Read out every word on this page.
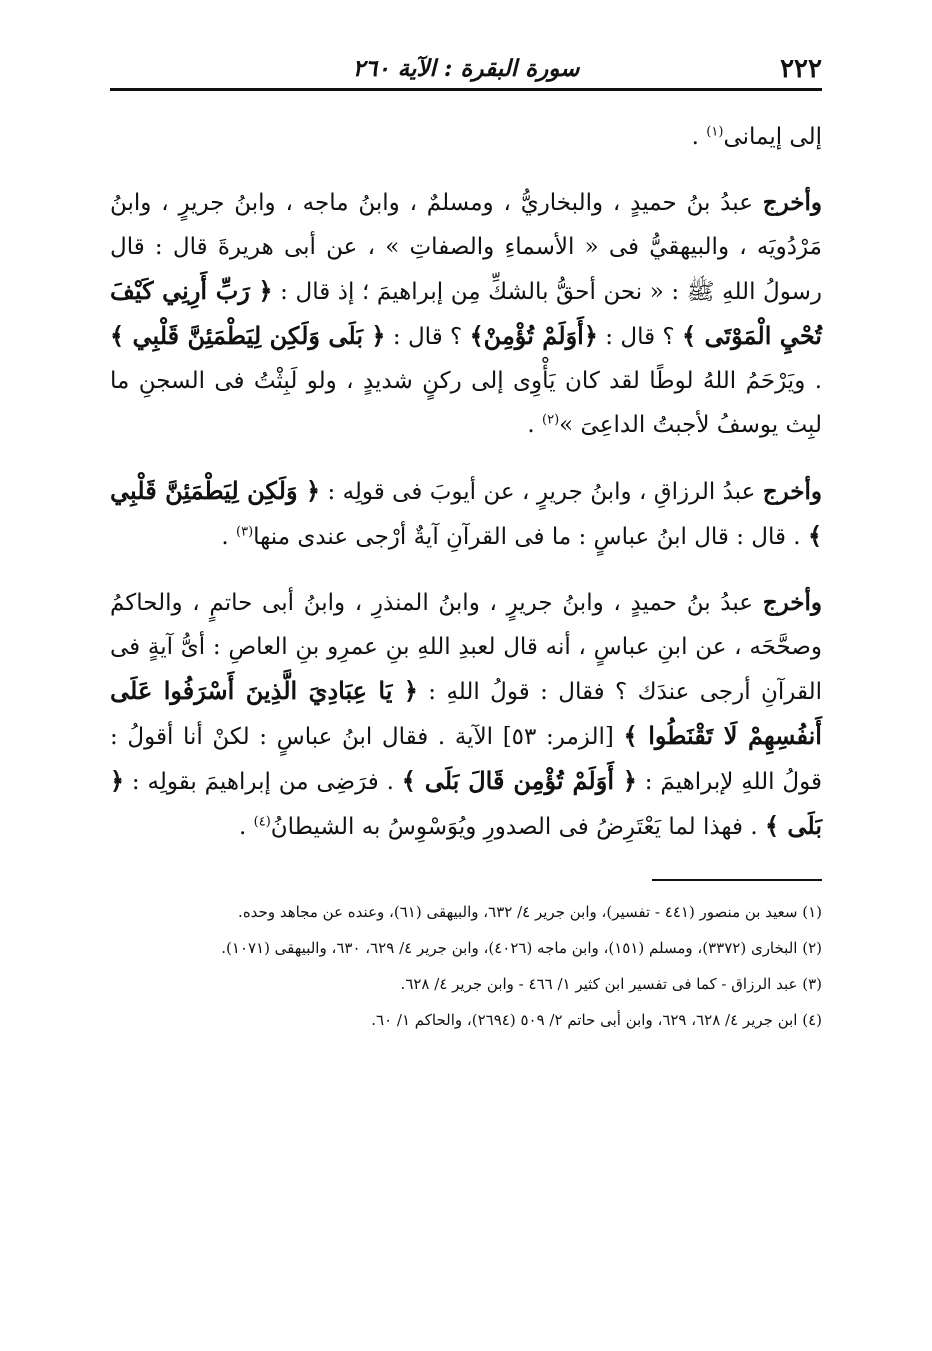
٢٢٢
سورة البقرة : الآية ٢٦٠

إلى إيمانى$^{(١)}$ .

وأخرج عبدُ بنُ حميدٍ ، والبخاريُّ ، ومسلمٌ ، وابنُ ماجه ، وابنُ جريرٍ ، وابنُ مَرْدُويَه ، والبيهقيُّ فى « الأسماءِ والصفاتِ » ، عن أبى هريرةَ قال : قال رسولُ اللهِ ﷺ : « نحن أحقُّ بالشكِّ مِن إبراهيمَ ؛ إذ قال : ﴿ رَبِّ أَرِنِي كَيْفَ تُحْيِ الْمَوْتَى ﴾ ؟ قال : ﴿أَوَلَمْ تُؤْمِنْ﴾ ؟ قال : ﴿ بَلَى وَلَكِن لِيَطْمَئِنَّ قَلْبِي ﴾ . ويَرْحَمُ اللهُ لوطًا لقد كان يَأْوِى إلى ركنٍ شديدٍ ، ولو لَبِثْتُ فى السجنِ ما لبِث يوسفُ لأجبتُ الداعِىَ »$^{(٢)}$ .

وأخرج عبدُ الرزاقِ ، وابنُ جريرٍ ، عن أيوبَ فى قولِه : ﴿ وَلَكِن لِيَطْمَئِنَّ قَلْبِي ﴾ . قال : قال ابنُ عباسٍ : ما فى القرآنِ آيةٌ أرْجى عندى منها$^{(٣)}$ .

وأخرج عبدُ بنُ حميدٍ ، وابنُ جريرٍ ، وابنُ المنذرِ ، وابنُ أبى حاتمٍ ، والحاكمُ وصحَّحَه ، عن ابنِ عباسٍ ، أنه قال لعبدِ اللهِ بنِ عمرِو بنِ العاصِ : أىُّ آيةٍ فى القرآنِ أرجى عندَك ؟ فقال : قولُ اللهِ : ﴿ يَا عِبَادِيَ الَّذِينَ أَسْرَفُوا عَلَى أَنفُسِهِمْ لَا تَقْنَطُوا ﴾ [الزمر: ٥٣] الآية . فقال ابنُ عباسٍ : لكنْ أنا أقولُ : قولُ اللهِ لإبراهيمَ : ﴿ أَوَلَمْ تُؤْمِن قَالَ بَلَى ﴾ . فرَضِى من إبراهيمَ بقولِه : ﴿ بَلَى ﴾ . فهذا لما يَعْتَرِضُ فى الصدورِ ويُوَسْوِسُ به الشيطانُ$^{(٤)}$ .

(١) سعيد بن منصور (٤٤١ - تفسير)، وابن جرير ٤/ ٦٣٢، والبيهقى (٦١)، وعنده عن مجاهد وحده.

(٢) البخارى (٣٣٧٢)، ومسلم (١٥١)، وابن ماجه (٤٠٢٦)، وابن جرير ٤/ ٦٢٩، ٦٣٠، والبيهقى (١٠٧١).

(٣) عبد الرزاق - كما فى تفسير ابن كثير ١/ ٤٦٦ - وابن جرير ٤/ ٦٢٨.

(٤) ابن جرير ٤/ ٦٢٨، ٦٢٩، وابن أبى حاتم ٢/ ٥٠٩ (٢٦٩٤)، والحاكم ١/ ٦٠.
